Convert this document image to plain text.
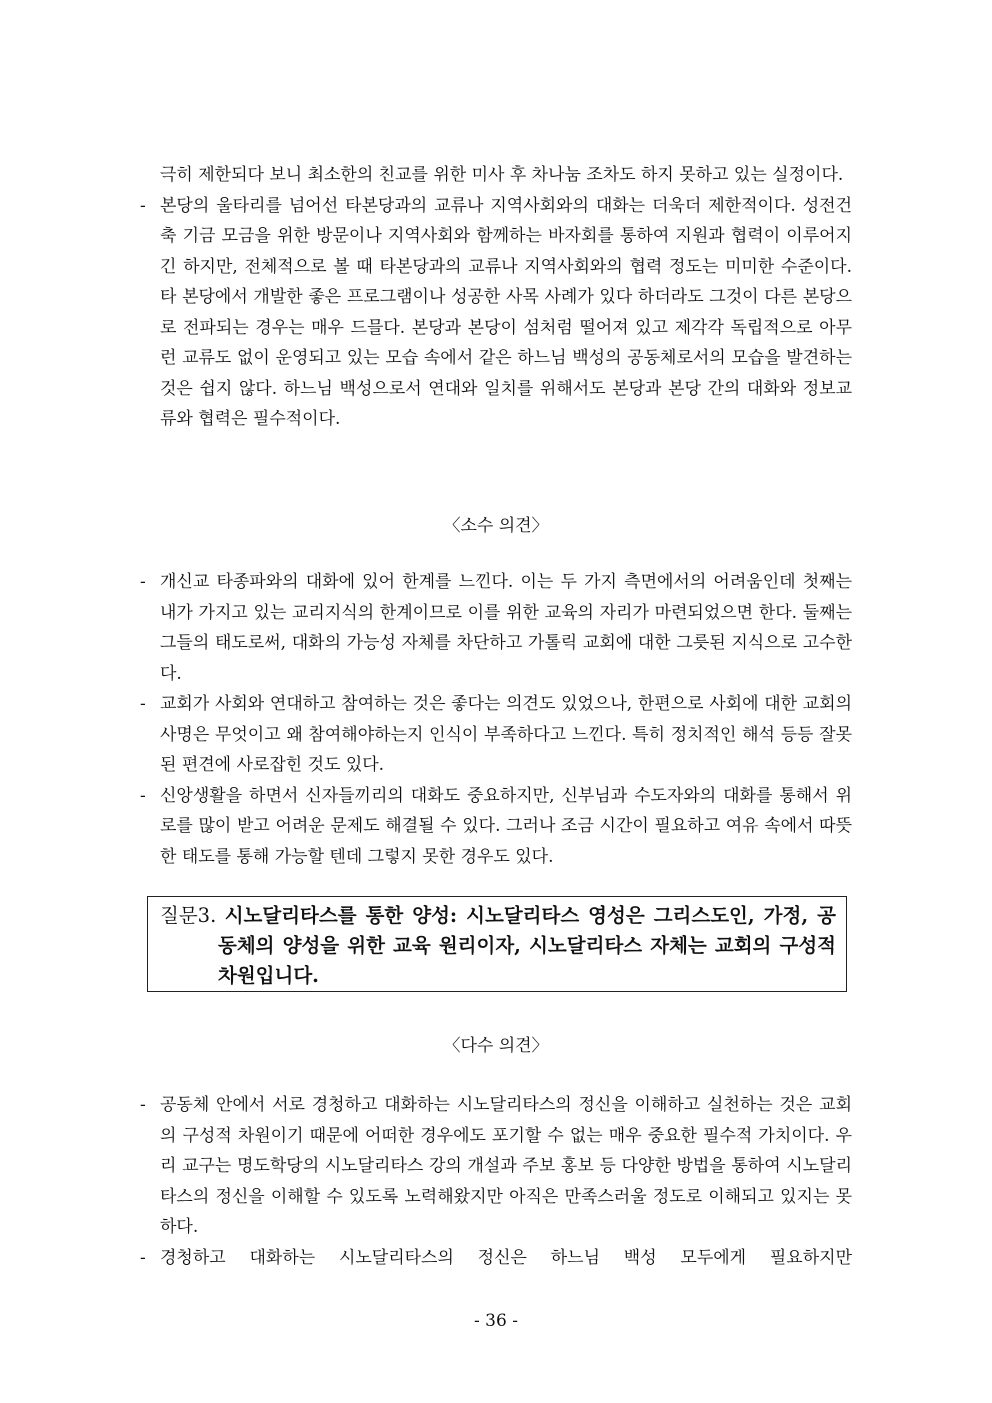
극히 제한되다 보니 최소한의 친교를 위한 미사 후 차나눔 조차도 하지 못하고 있는 실정이다.

- 본당의 울타리를 넘어선 타본당과의 교류나 지역사회와의 대화는 더욱더 제한적이다. 성전건축 기금 모금을 위한 방문이나 지역사회와 함께하는 바자회를 통하여 지원과 협력이 이루어지긴 하지만, 전체적으로 볼 때 타본당과의 교류나 지역사회와의 협력 정도는 미미한 수준이다. 타 본당에서 개발한 좋은 프로그램이나 성공한 사목 사례가 있다 하더라도 그것이 다른 본당으로 전파되는 경우는 매우 드믈다. 본당과 본당이 섬처럼 떨어져 있고 제각각 독립적으로 아무런 교류도 없이 운영되고 있는 모습 속에서 같은 하느님 백성의 공동체로서의 모습을 발견하는 것은 쉽지 않다. 하느님 백성으로서 연대와 일치를 위해서도 본당과 본당 간의 대화와 정보교류와 협력은 필수적이다.

〈소수 의견〉

- 개신교 타종파와의 대화에 있어 한계를 느낀다. 이는 두 가지 측면에서의 어려움인데 첫째는 내가 가지고 있는 교리지식의 한계이므로 이를 위한 교육의 자리가 마련되었으면 한다. 둘째는 그들의 태도로써, 대화의 가능성 자체를 차단하고 가톨릭 교회에 대한 그릇된 지식으로 고수한다.
- 교회가 사회와 연대하고 참여하는 것은 좋다는 의견도 있었으나, 한편으로 사회에 대한 교회의 사명은 무엇이고 왜 참여해야하는지 인식이 부족하다고 느낀다. 특히 정치적인 해석 등등 잘못된 편견에 사로잡힌 것도 있다.
- 신앙생활을 하면서 신자들끼리의 대화도 중요하지만, 신부님과 수도자와의 대화를 통해서 위로를 많이 받고 어려운 문제도 해결될 수 있다. 그러나 조금 시간이 필요하고 여유 속에서 따뜻한 태도를 통해 가능할 텐데 그렇지 못한 경우도 있다.

질문3. 시노달리타스를 통한 양성: 시노달리타스 영성은 그리스도인, 가정, 공동체의 양성을 위한 교육 원리이자, 시노달리타스 자체는 교회의 구성적 차원입니다.

〈다수 의견〉

- 공동체 안에서 서로 경청하고 대화하는 시노달리타스의 정신을 이해하고 실천하는 것은 교회의 구성적 차원이기 때문에 어떠한 경우에도 포기할 수 없는 매우 중요한 필수적 가치이다. 우리 교구는 명도학당의 시노달리타스 강의 개설과 주보 홍보 등 다양한 방법을 통하여 시노달리타스의 정신을 이해할 수 있도록 노력해왔지만 아직은 만족스러울 정도로 이해되고 있지는 못하다.
- 경청하고 대화하는 시노달리타스의 정신은 하느님 백성 모두에게 필요하지만

- 36 -
